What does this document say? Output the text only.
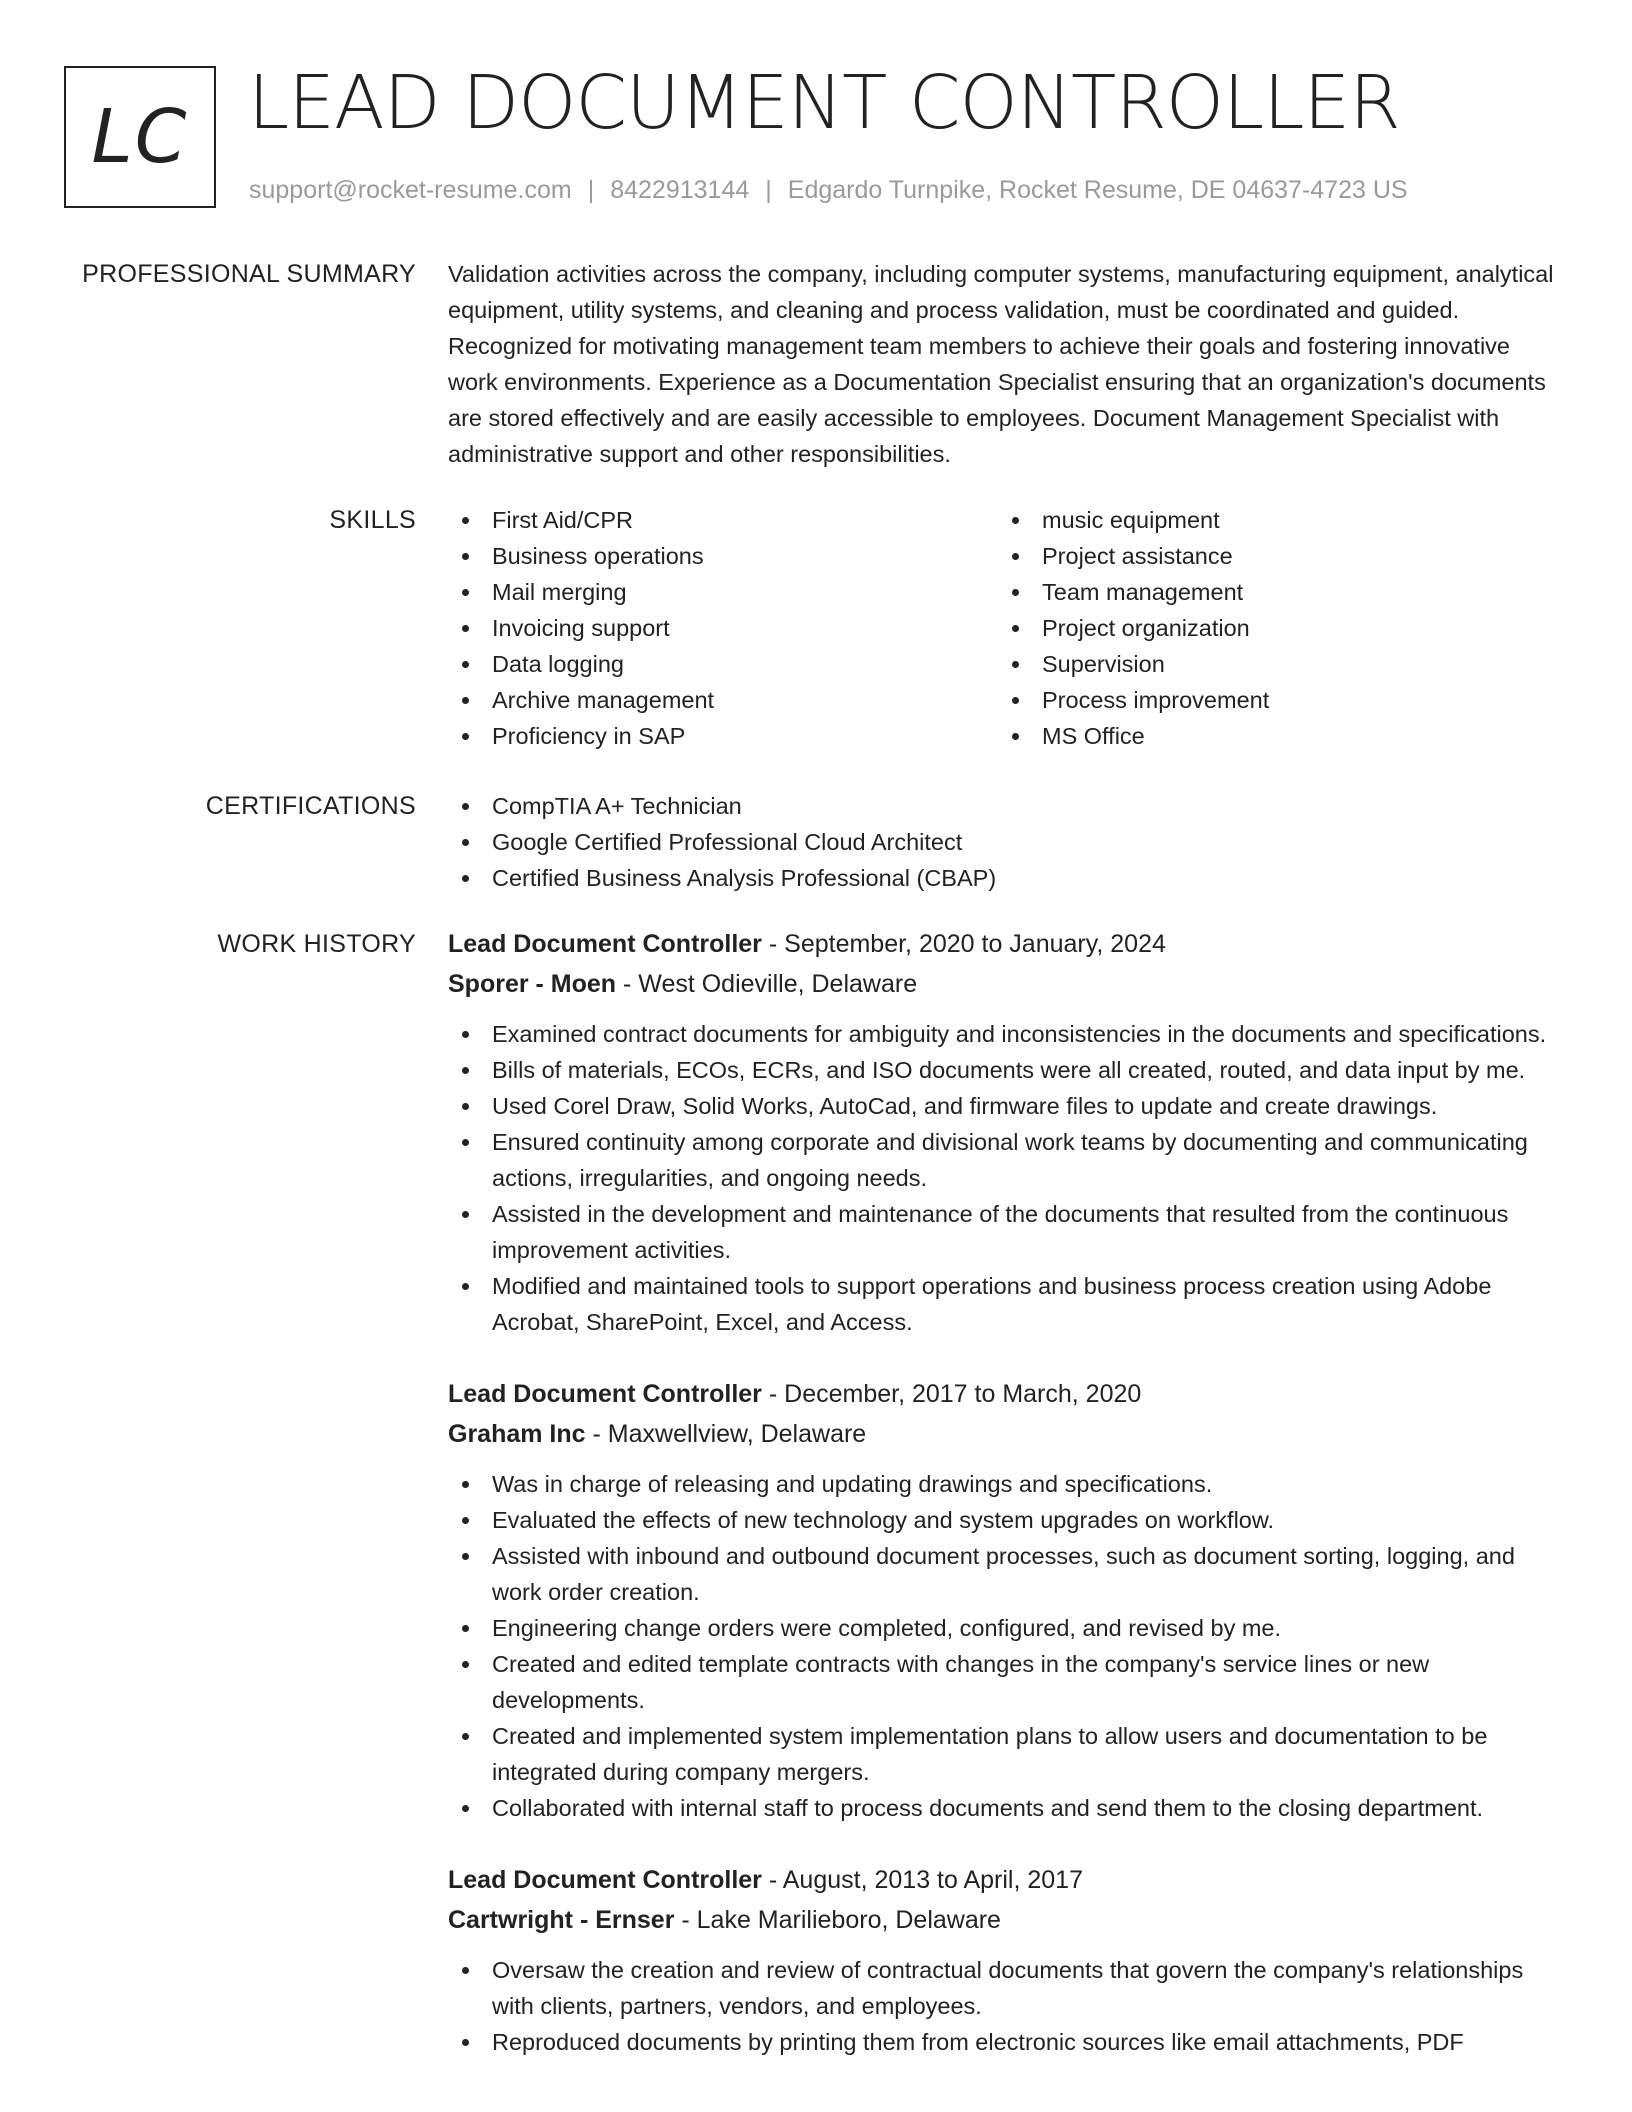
LC LEAD DOCUMENT CONTROLLER
support@rocket-resume.com | 8422913144 | Edgardo Turnpike, Rocket Resume, DE 04637-4723 US
PROFESSIONAL SUMMARY Validation activities across the company, including computer systems, manufacturing equipment, analytical equipment, utility systems, and cleaning and process validation, must be coordinated and guided. Recognized for motivating management team members to achieve their goals and fostering innovative work environments. Experience as a Documentation Specialist ensuring that an organization's documents are stored effectively and are easily accessible to employees. Document Management Specialist with administrative support and other responsibilities.

SKILLS	First Aid/CPR
Business operations
Mail merging
Invoicing support
Data logging
Archive management
Proficiency in SAP
music equipment
Project assistance
Team management
Project organization
Supervision
Process improvement
MS Office
CERTIFICATIONS	CompTIA A+ Technician
Google Certified Professional Cloud Architect
Certified Business Analysis Professional (CBAP)
WORK HISTORY Lead Document Controller - September, 2020 to January, 2024
Sporer - Moen - West Odieville, Delaware
Examined contract documents for ambiguity and inconsistencies in the documents and specifications.
Bills of materials, ECOs, ECRs, and ISO documents were all created, routed, and data input by me.
Used Corel Draw, Solid Works, AutoCad, and firmware files to update and create drawings.
Ensured continuity among corporate and divisional work teams by documenting and communicating actions, irregularities, and ongoing needs.
Assisted in the development and maintenance of the documents that resulted from the continuous improvement activities.
Modified and maintained tools to support operations and business process creation using Adobe Acrobat, SharePoint, Excel, and Access.
Lead Document Controller - December, 2017 to March, 2020
Graham Inc - Maxwellview, Delaware
Was in charge of releasing and updating drawings and specifications.
Evaluated the effects of new technology and system upgrades on workflow.
Assisted with inbound and outbound document processes, such as document sorting, logging, and work order creation.
Engineering change orders were completed, configured, and revised by me.
Created and edited template contracts with changes in the company's service lines or new developments.
Created and implemented system implementation plans to allow users and documentation to be integrated during company mergers.
Collaborated with internal staff to process documents and send them to the closing department.
Lead Document Controller - August, 2013 to April, 2017
Cartwright - Ernser - Lake Marilieboro, Delaware
Oversaw the creation and review of contractual documents that govern the company's relationships with clients, partners, vendors, and employees.
Reproduced documents by printing them from electronic sources like email attachments, PDF
